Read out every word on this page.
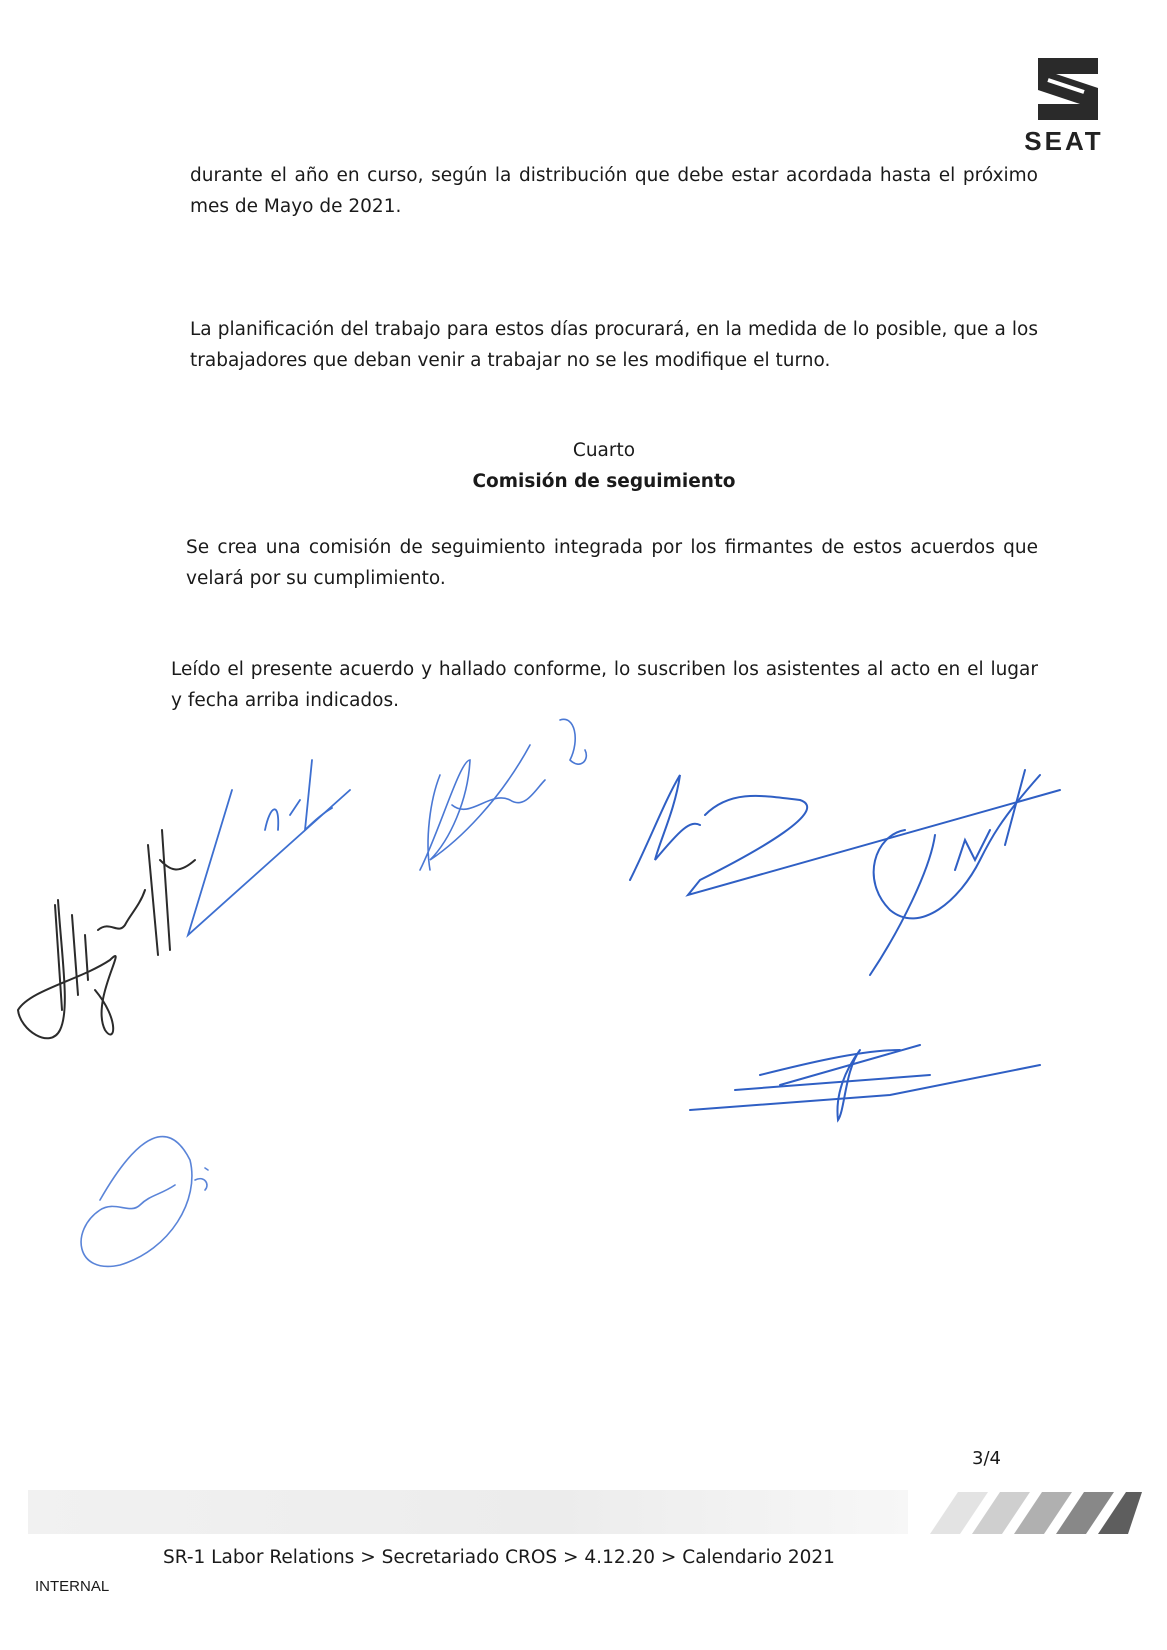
SEAT
durante el año en curso, según la distribución que debe estar acordada hasta el próximo mes de Mayo de 2021.
La planificación del trabajo para estos días procurará, en la medida de lo posible, que a los trabajadores que deban venir a trabajar no se les modifique el turno.
Cuarto
Comisión de seguimiento
Se crea una comisión de seguimiento integrada por los firmantes de estos acuerdos que velará por su cumplimiento.
Leído el presente acuerdo y hallado conforme, lo suscriben los asistentes al acto en el lugar y fecha arriba indicados.
3/4
SR-1 Labor Relations > Secretariado CROS > 4.12.20 > Calendario 2021
INTERNAL
